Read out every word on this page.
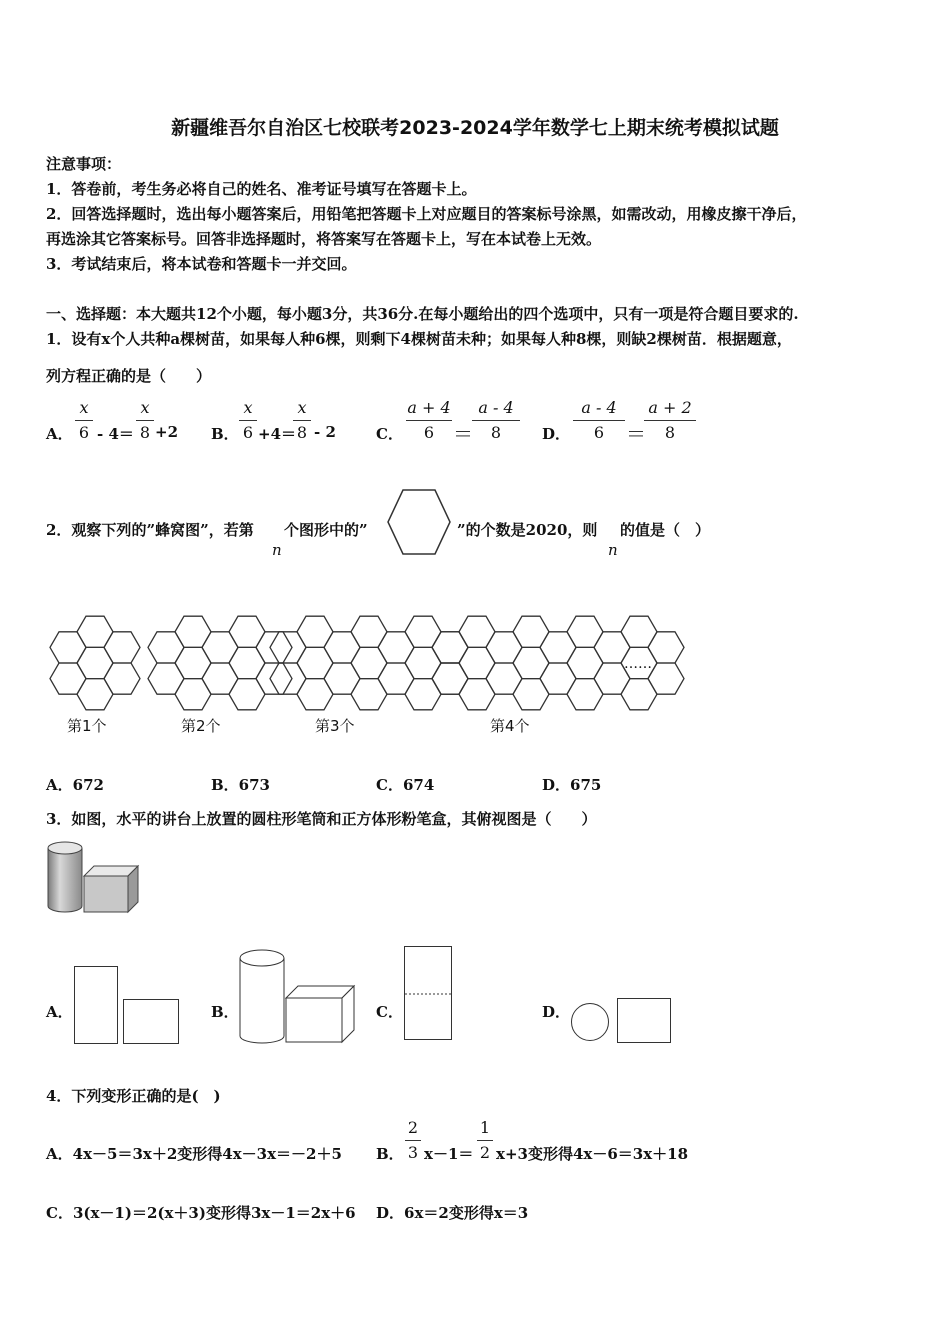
新疆维吾尔自治区七校联考2023-2024学年数学七上期末统考模拟试题
注意事项：
1．答卷前，考生务必将自己的姓名、准考证号填写在答题卡上。
2．回答选择题时，选出每小题答案后，用铅笔把答题卡上对应题目的答案标号涂黑，如需改动，用橡皮擦干净后，
再选涂其它答案标号。回答非选择题时，将答案写在答题卡上，写在本试卷上无效。
3．考试结束后，将本试卷和答题卡一并交回。
一、选择题：本大题共12个小题，每小题3分，共36分.在每小题给出的四个选项中，只有一项是符合题目要求的.
1．设有x个人共种a棵树苗，如果每人种6棵，则剩下4棵树苗未种；如果每人种8棵，则缺2棵树苗．根据题意，
列方程正确的是（　　）
A．
x
6 - 4＝
x
8 +2 B．
x
6 +4＝
x
8 - 2	C．
a + 4
6 ＝
a - 4
8	D．
a - 4
6	＝
a + 2
8
2．观察下列的”蜂窝图”，若第
n
个图形中的”	”的个数是2020，则
n
的值是（　）
第1个	第2个	第3个	第4个
……
A．672	B．673	C．674	D．675
3．如图，水平的讲台上放置的圆柱形笔筒和正方体形粉笔盒，其俯视图是（　　）
A．	B．	C．	D．
4．下列变形正确的是(　)
A．4x－5＝3x＋2变形得4x－3x＝－2＋5 B．
2
3 x－1＝
1
2 x+3变形得4x－6＝3x＋18
C．3(x－1)＝2(x＋3)变形得3x－1＝2x＋6 D．6x＝2变形得x＝3
